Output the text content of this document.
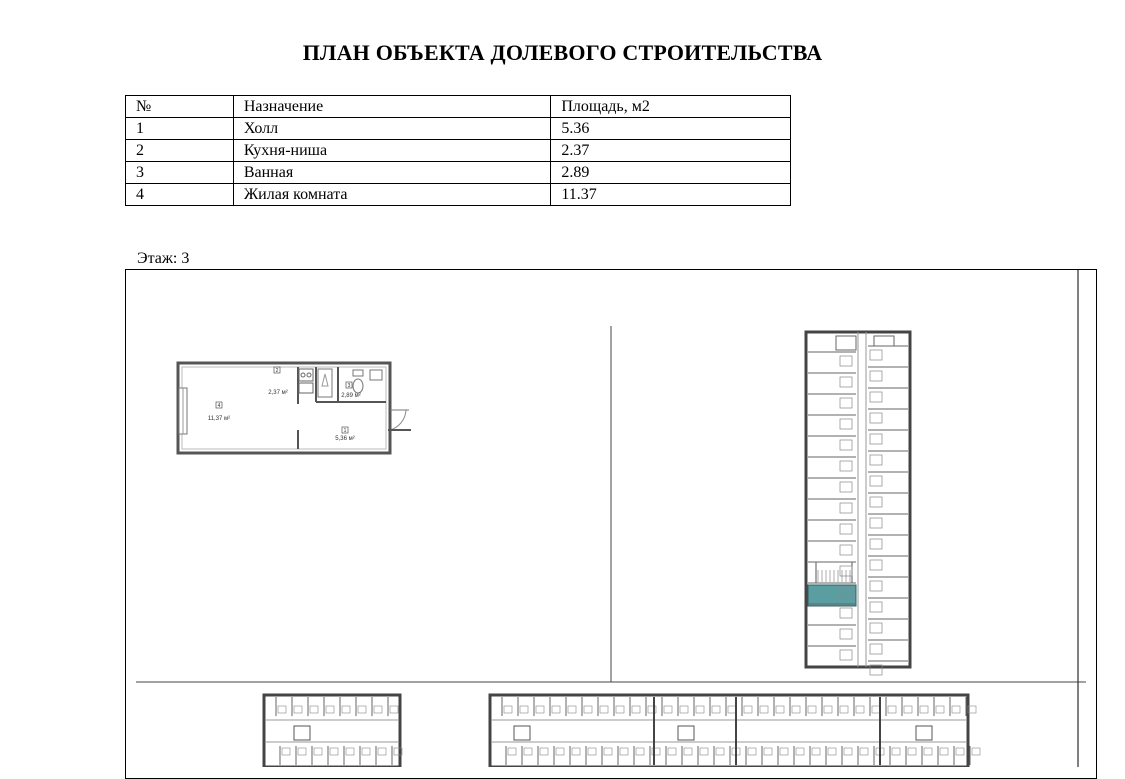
ПЛАН ОБЪЕКТА ДОЛЕВОГО СТРОИТЕЛЬСТВА
№	Назначение	Площадь, м2
1	Холл	5.36
2	Кухня-ниша	2.37
3	Ванная	2.89
4	Жилая комната	11.37
Этаж: 3
4
11,37 м²
2
2,37 м²
3
2,89 м²
1
5,36 м²
